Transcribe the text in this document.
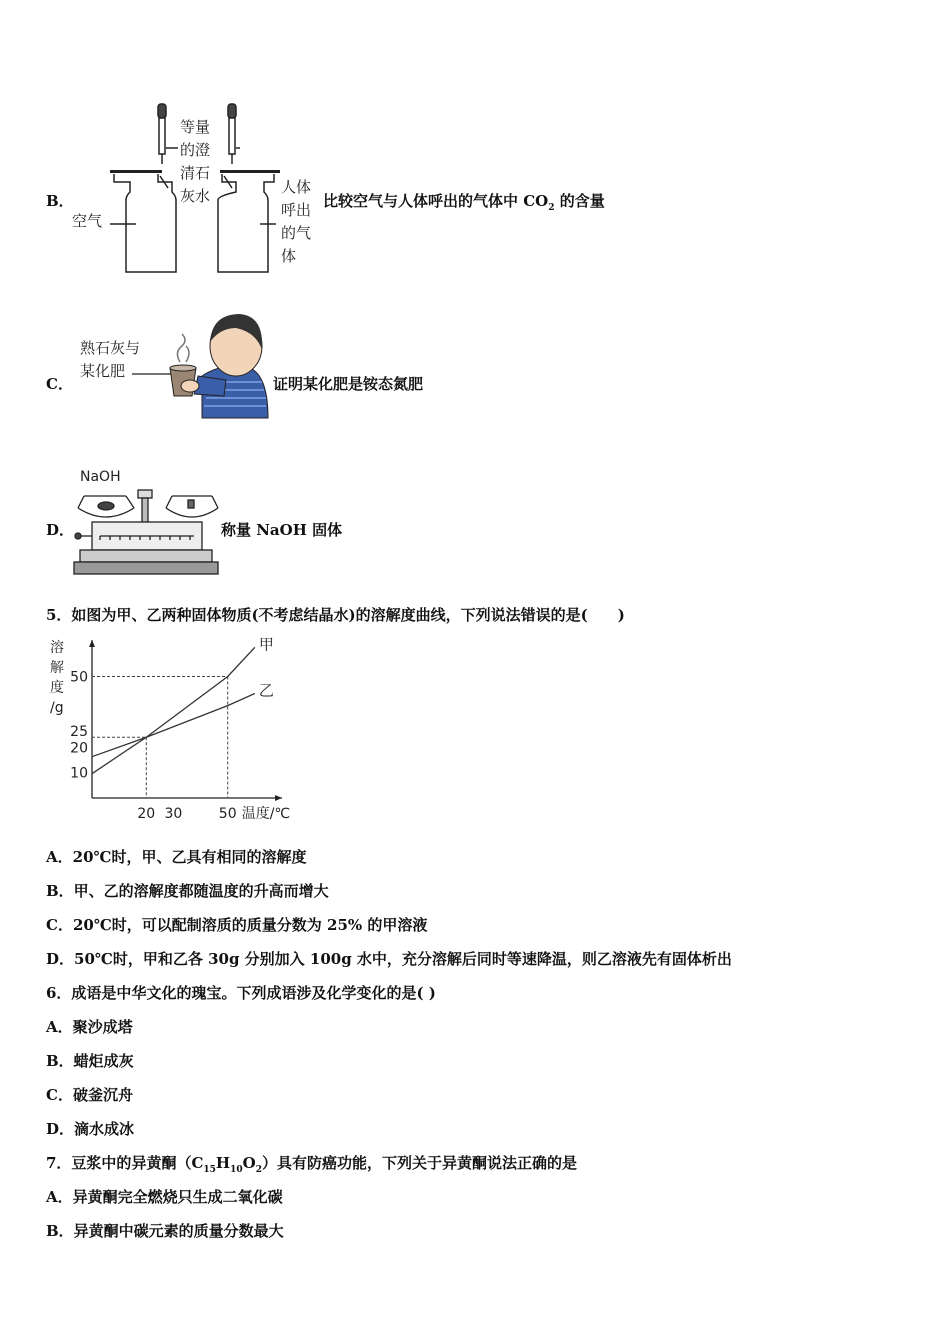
B．
空气
等量
的澄
清石
灰水	人体
呼出
的气
体
比较空气与人体呼出的气体中 $CO_2$ 的含量
C．
熟石灰与
某化肥
证明某化肥是铵态氮肥
D．
NaOH
称量 NaOH 固体
5．如图为甲、乙两种固体物质(不考虑结晶水)的溶解度曲线，下列说法错误的是(　　)
溶
解
度
/g
甲
乙
10
20
25
50
20 30	50 温度/℃
A．20℃时，甲、乙具有相同的溶解度
B．甲、乙的溶解度都随温度的升高而增大
C．20℃时，可以配制溶质的质量分数为 25% 的甲溶液
D．50℃时，甲和乙各 30g 分别加入 100g 水中，充分溶解后同时等速降温，则乙溶液先有固体析出
6．成语是中华文化的瑰宝。下列成语涉及化学变化的是( )
A．聚沙成塔
B．蜡炬成灰
C．破釜沉舟
D．滴水成冰
7．豆浆中的异黄酮$(C_{15}H_{10}O_2)$具有防癌功能，下列关于异黄酮说法正确的是
A．异黄酮完全燃烧只生成二氧化碳
B．异黄酮中碳元素的质量分数最大
